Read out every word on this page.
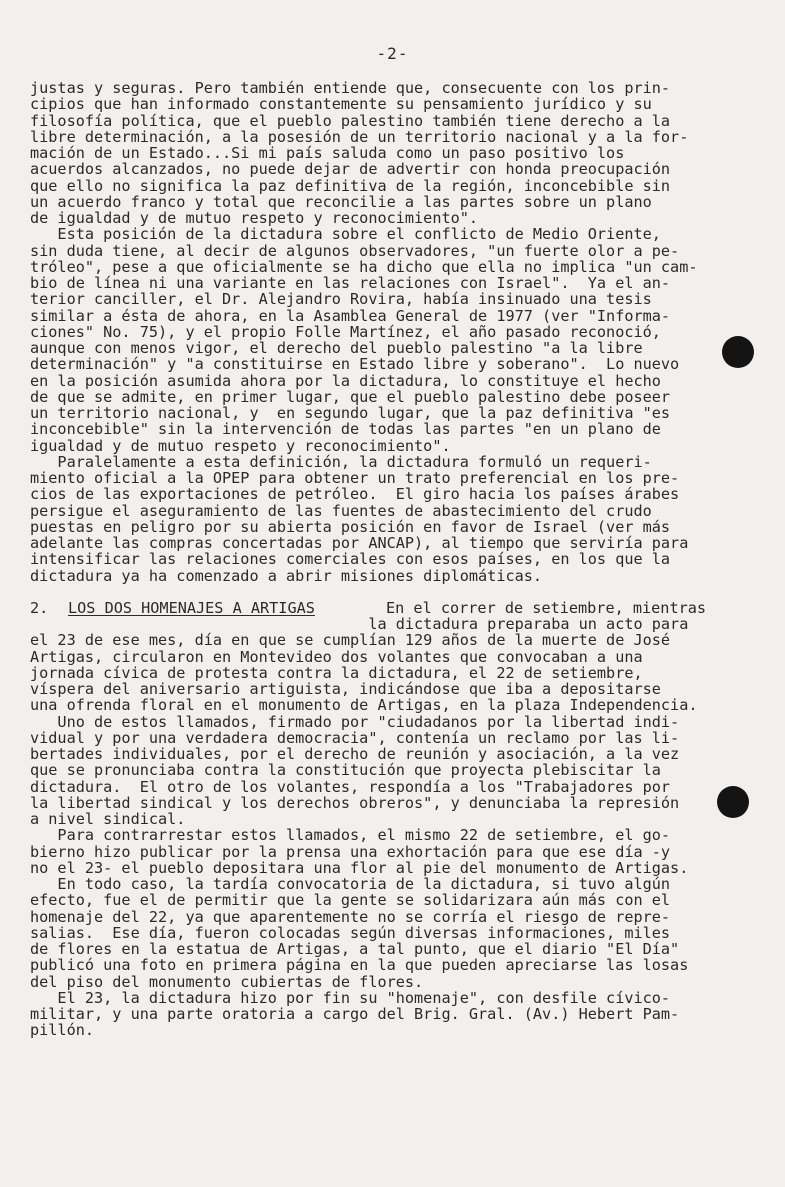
-2-
justas y seguras. Pero también entiende que, consecuente con los prin-
cipios que han informado constantemente su pensamiento jurídico y su
filosofía política, que el pueblo palestino también tiene derecho a la
libre determinación, a la posesión de un territorio nacional y a la for-
mación de un Estado...Si mi país saluda como un paso positivo los
acuerdos alcanzados, no puede dejar de advertir con honda preocupación
que ello no significa la paz definitiva de la región, inconcebible sin
un acuerdo franco y total que reconcilie a las partes sobre un plano
de igualdad y de mutuo respeto y reconocimiento".
Esta posición de la dictadura sobre el conflicto de Medio Oriente,
sin duda tiene, al decir de algunos observadores, "un fuerte olor a pe-
tróleo", pese a que oficialmente se ha dicho que ella no implica "un cam-
bio de línea ni una variante en las relaciones con Israel".  Ya el an-
terior canciller, el Dr. Alejandro Rovira, había insinuado una tesis
similar a ésta de ahora, en la Asamblea General de 1977 (ver "Informa-
ciones" No. 75), y el propio Folle Martínez, el año pasado reconoció,
aunque con menos vigor, el derecho del pueblo palestino "a la libre
determinación" y "a constituirse en Estado libre y soberano".  Lo nuevo
en la posición asumida ahora por la dictadura, lo constituye el hecho
de que se admite, en primer lugar, que el pueblo palestino debe poseer
un territorio nacional, y  en segundo lugar, que la paz definitiva "es
inconcebible" sin la intervención de todas las partes "en un plano de
igualdad y de mutuo respeto y reconocimiento".
Paralelamente a esta definición, la dictadura formuló un requeri-
miento oficial a la OPEP para obtener un trato preferencial en los pre-
cios de las exportaciones de petróleo.  El giro hacia los países árabes
persigue el aseguramiento de las fuentes de abastecimiento del crudo
puestas en peligro por su abierta posición en favor de Israel (ver más
adelante las compras concertadas por ANCAP), al tiempo que serviría para
intensificar las relaciones comerciales con esos países, en los que la
dictadura ya ha comenzado a abrir misiones diplomáticas.
2. LOS DOS HOMENAJES A ARTIGAS	En el correr de setiembre, mientras
la dictadura preparaba un acto para
el 23 de ese mes, día en que se cumplían 129 años de la muerte de José
Artigas, circularon en Montevideo dos volantes que convocaban a una
jornada cívica de protesta contra la dictadura, el 22 de setiembre,
víspera del aniversario artiguista, indicándose que iba a depositarse
una ofrenda floral en el monumento de Artigas, en la plaza Independencia.
Uno de estos llamados, firmado por "ciudadanos por la libertad indi-
vidual y por una verdadera democracia", contenía un reclamo por las li-
bertades individuales, por el derecho de reunión y asociación, a la vez
que se pronunciaba contra la constitución que proyecta plebiscitar la
dictadura.  El otro de los volantes, respondía a los "Trabajadores por
la libertad sindical y los derechos obreros", y denunciaba la represión
a nivel sindical.
Para contrarrestar estos llamados, el mismo 22 de setiembre, el go-
bierno hizo publicar por la prensa una exhortación para que ese día -y
no el 23- el pueblo depositara una flor al pie del monumento de Artigas.
En todo caso, la tardía convocatoria de la dictadura, si tuvo algún
efecto, fue el de permitir que la gente se solidarizara aún más con el
homenaje del 22, ya que aparentemente no se corría el riesgo de repre-
salias.  Ese día, fueron colocadas según diversas informaciones, miles
de flores en la estatua de Artigas, a tal punto, que el diario "El Día"
publicó una foto en primera página en la que pueden apreciarse las losas
del piso del monumento cubiertas de flores.
El 23, la dictadura hizo por fin su "homenaje", con desfile cívico-
militar, y una parte oratoria a cargo del Brig. Gral. (Av.) Hebert Pam-
pillón.
